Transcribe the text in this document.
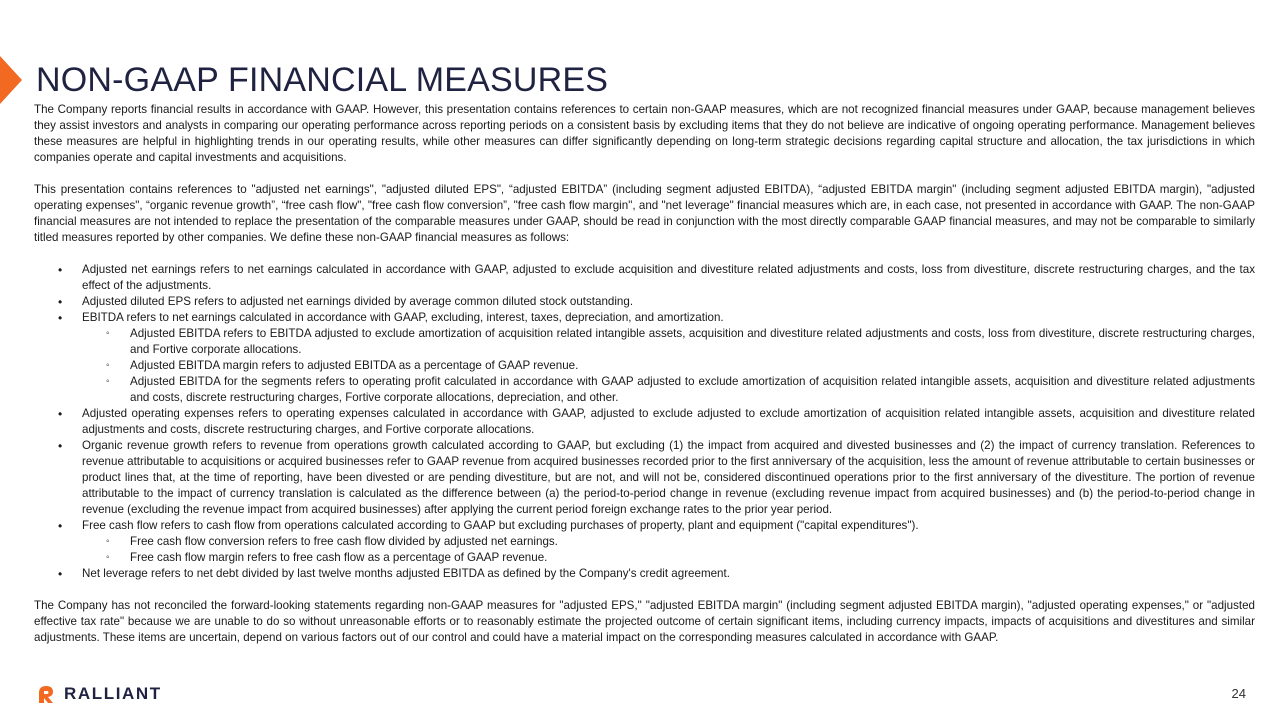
NON-GAAP FINANCIAL MEASURES

The Company reports financial results in accordance with GAAP. However, this presentation contains references to certain non-GAAP measures, which are not recognized financial measures under GAAP, because management believes they assist investors and analysts in comparing our operating performance across reporting periods on a consistent basis by excluding items that they do not believe are indicative of ongoing operating performance. Management believes these measures are helpful in highlighting trends in our operating results, while other measures can differ significantly depending on long-term strategic decisions regarding capital structure and allocation, the tax jurisdictions in which companies operate and capital investments and acquisitions.

This presentation contains references to "adjusted net earnings", "adjusted diluted EPS", “adjusted EBITDA” (including segment adjusted EBITDA), “adjusted EBITDA margin" (including segment adjusted EBITDA margin), "adjusted operating expenses", “organic revenue growth”, “free cash flow", "free cash flow conversion”, "free cash flow margin", and "net leverage" financial measures which are, in each case, not presented in accordance with GAAP. The non-GAAP financial measures are not intended to replace the presentation of the comparable measures under GAAP, should be read in conjunction with the most directly comparable GAAP financial measures, and may not be comparable to similarly titled measures reported by other companies. We define these non-GAAP financial measures as follows:

• Adjusted net earnings refers to net earnings calculated in accordance with GAAP, adjusted to exclude acquisition and divestiture related adjustments and costs, loss from divestiture, discrete restructuring charges, and the tax effect of the adjustments.
• Adjusted diluted EPS refers to adjusted net earnings divided by average common diluted stock outstanding.
• EBITDA refers to net earnings calculated in accordance with GAAP, excluding, interest, taxes, depreciation, and amortization.
◦ Adjusted EBITDA refers to EBITDA adjusted to exclude amortization of acquisition related intangible assets, acquisition and divestiture related adjustments and costs, loss from divestiture, discrete restructuring charges, and Fortive corporate allocations.
◦ Adjusted EBITDA margin refers to adjusted EBITDA as a percentage of GAAP revenue.
◦ Adjusted EBITDA for the segments refers to operating profit calculated in accordance with GAAP adjusted to exclude amortization of acquisition related intangible assets, acquisition and divestiture related adjustments and costs, discrete restructuring charges, Fortive corporate allocations, depreciation, and other.
• Adjusted operating expenses refers to operating expenses calculated in accordance with GAAP, adjusted to exclude adjusted to exclude amortization of acquisition related intangible assets, acquisition and divestiture related adjustments and costs, discrete restructuring charges, and Fortive corporate allocations.
• Organic revenue growth refers to revenue from operations growth calculated according to GAAP, but excluding (1) the impact from acquired and divested businesses and (2) the impact of currency translation. References to revenue attributable to acquisitions or acquired businesses refer to GAAP revenue from acquired businesses recorded prior to the first anniversary of the acquisition, less the amount of revenue attributable to certain businesses or product lines that, at the time of reporting, have been divested or are pending divestiture, but are not, and will not be, considered discontinued operations prior to the first anniversary of the divestiture. The portion of revenue attributable to the impact of currency translation is calculated as the difference between (a) the period-to-period change in revenue (excluding revenue impact from acquired businesses) and (b) the period-to-period change in revenue (excluding the revenue impact from acquired businesses) after applying the current period foreign exchange rates to the prior year period.
• Free cash flow refers to cash flow from operations calculated according to GAAP but excluding purchases of property, plant and equipment ("capital expenditures").
◦ Free cash flow conversion refers to free cash flow divided by adjusted net earnings.
◦ Free cash flow margin refers to free cash flow as a percentage of GAAP revenue.
• Net leverage refers to net debt divided by last twelve months adjusted EBITDA as defined by the Company's credit agreement.

The Company has not reconciled the forward-looking statements regarding non-GAAP measures for "adjusted EPS," "adjusted EBITDA margin" (including segment adjusted EBITDA margin), "adjusted operating expenses," or "adjusted effective tax rate" because we are unable to do so without unreasonable efforts or to reasonably estimate the projected outcome of certain significant items, including currency impacts, impacts of acquisitions and divestitures and similar adjustments. These items are uncertain, depend on various factors out of our control and could have a material impact on the corresponding measures calculated in accordance with GAAP.

RALLIANT	24
